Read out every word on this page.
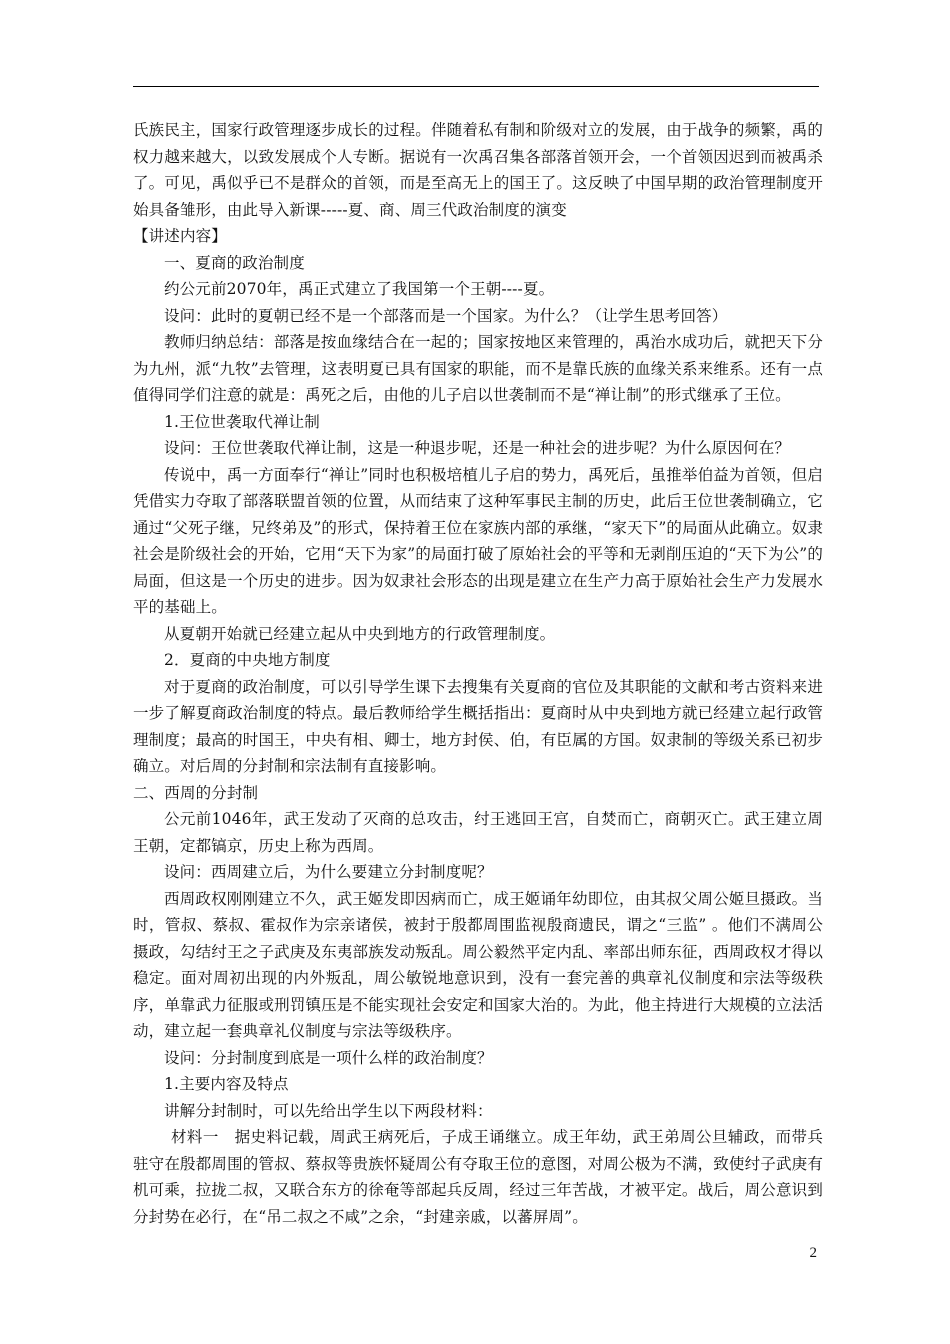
氏族民主，国家行政管理逐步成长的过程。伴随着私有制和阶级对立的发展，由于战争的频繁，禹的权力越来越大，以致发展成个人专断。据说有一次禹召集各部落首领开会，一个首领因迟到而被禹杀了。可见，禹似乎已不是群众的首领，而是至高无上的国王了。这反映了中国早期的政治管理制度开始具备雏形，由此导入新课-----夏、商、周三代政治制度的演变

【讲述内容】

一、夏商的政治制度

约公元前2070年，禹正式建立了我国第一个王朝----夏。

设问：此时的夏朝已经不是一个部落而是一个国家。为什么？（让学生思考回答）

教师归纳总结：部落是按血缘结合在一起的；国家按地区来管理的，禹治水成功后，就把天下分为九州，派“九牧”去管理，这表明夏已具有国家的职能，而不是靠氏族的血缘关系来维系。还有一点值得同学们注意的就是：禹死之后，由他的儿子启以世袭制而不是“禅让制”的形式继承了王位。

1.王位世袭取代禅让制

设问：王位世袭取代禅让制，这是一种退步呢，还是一种社会的进步呢？为什么原因何在？

传说中，禹一方面奉行“禅让”同时也积极培植儿子启的势力，禹死后，虽推举伯益为首领，但启凭借实力夺取了部落联盟首领的位置，从而结束了这种军事民主制的历史，此后王位世袭制确立，它通过“父死子继，兄终弟及”的形式，保持着王位在家族内部的承继，“家天下”的局面从此确立。奴隶社会是阶级社会的开始，它用“天下为家”的局面打破了原始社会的平等和无剥削压迫的“天下为公”的局面，但这是一个历史的进步。因为奴隶社会形态的出现是建立在生产力高于原始社会生产力发展水平的基础上。

从夏朝开始就已经建立起从中央到地方的行政管理制度。

2．夏商的中央地方制度

对于夏商的政治制度，可以引导学生课下去搜集有关夏商的官位及其职能的文献和考古资料来进一步了解夏商政治制度的特点。最后教师给学生概括指出：夏商时从中央到地方就已经建立起行政管理制度；最高的时国王，中央有相、卿士，地方封侯、伯，有臣属的方国。奴隶制的等级关系已初步确立。对后周的分封制和宗法制有直接影响。

二、西周的分封制

公元前1046年，武王发动了灭商的总攻击，纣王逃回王宫，自焚而亡，商朝灭亡。武王建立周王朝，定都镐京，历史上称为西周。

设问：西周建立后，为什么要建立分封制度呢？

西周政权刚刚建立不久，武王姬发即因病而亡，成王姬诵年幼即位，由其叔父周公姬旦摄政。当时，管叔、蔡叔、霍叔作为宗亲诸侯，被封于殷都周围监视殷商遗民，谓之“三监” 。他们不满周公摄政，勾结纣王之子武庚及东夷部族发动叛乱。周公毅然平定内乱、率部出师东征，西周政权才得以稳定。面对周初出现的内外叛乱，周公敏锐地意识到，没有一套完善的典章礼仪制度和宗法等级秩序，单靠武力征服或刑罚镇压是不能实现社会安定和国家大治的。为此，他主持进行大规模的立法活动，建立起一套典章礼仪制度与宗法等级秩序。

设问：分封制度到底是一项什么样的政治制度？

1.主要内容及特点

讲解分封制时，可以先给出学生以下两段材料：

材料一　据史料记载，周武王病死后，子成王诵继立。成王年幼，武王弟周公旦辅政，而带兵驻守在殷都周围的管叔、蔡叔等贵族怀疑周公有夺取王位的意图，对周公极为不满，致使纣子武庚有机可乘，拉拢二叔，又联合东方的徐奄等部起兵反周，经过三年苦战，才被平定。战后，周公意识到分封势在必行，在“吊二叔之不咸”之余，“封建亲戚，以蕃屏周”。

2
